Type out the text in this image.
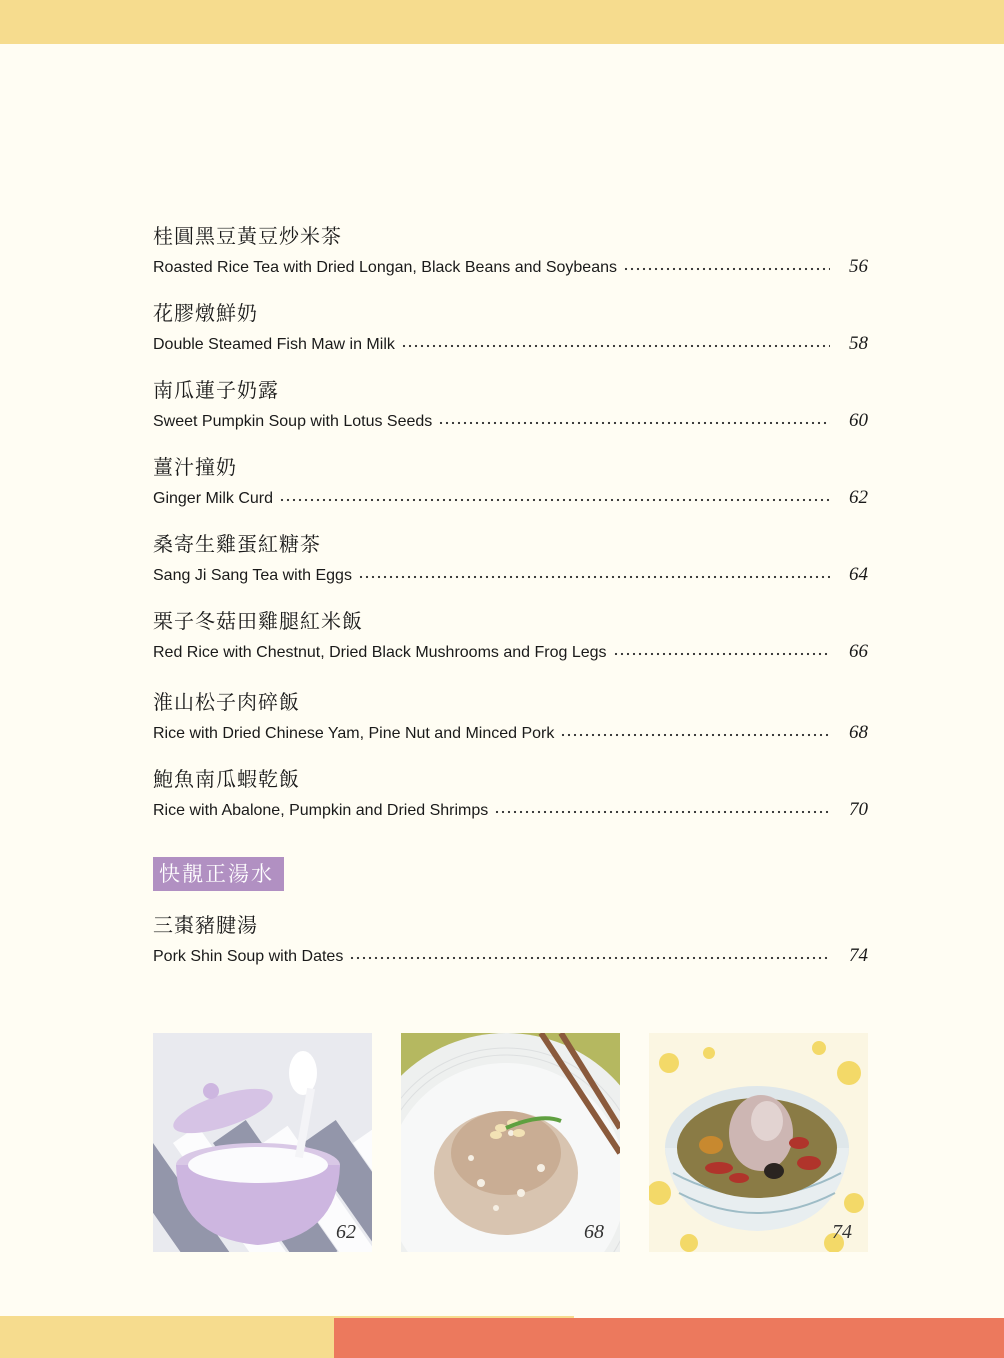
桂圓黑豆黃豆炒米茶
Roasted Rice Tea with Dried Longan, Black Beans and Soybeans	56
花膠燉鮮奶
Double Steamed Fish Maw in Milk	58
南瓜蓮子奶露
Sweet Pumpkin Soup with Lotus Seeds	60
薑汁撞奶
Ginger Milk Curd	62
桑寄生雞蛋紅糖茶
Sang Ji Sang Tea with Eggs	64
栗子冬菇田雞腿紅米飯
Red Rice with Chestnut, Dried Black Mushrooms and Frog Legs	66
淮山松子肉碎飯
Rice with Dried Chinese Yam, Pine Nut and Minced Pork	68
鮑魚南瓜蝦乾飯
Rice with Abalone, Pumpkin and Dried Shrimps	70
快靚正湯水
三棗豬腱湯
Pork Shin Soup with Dates	74
62	68	74
